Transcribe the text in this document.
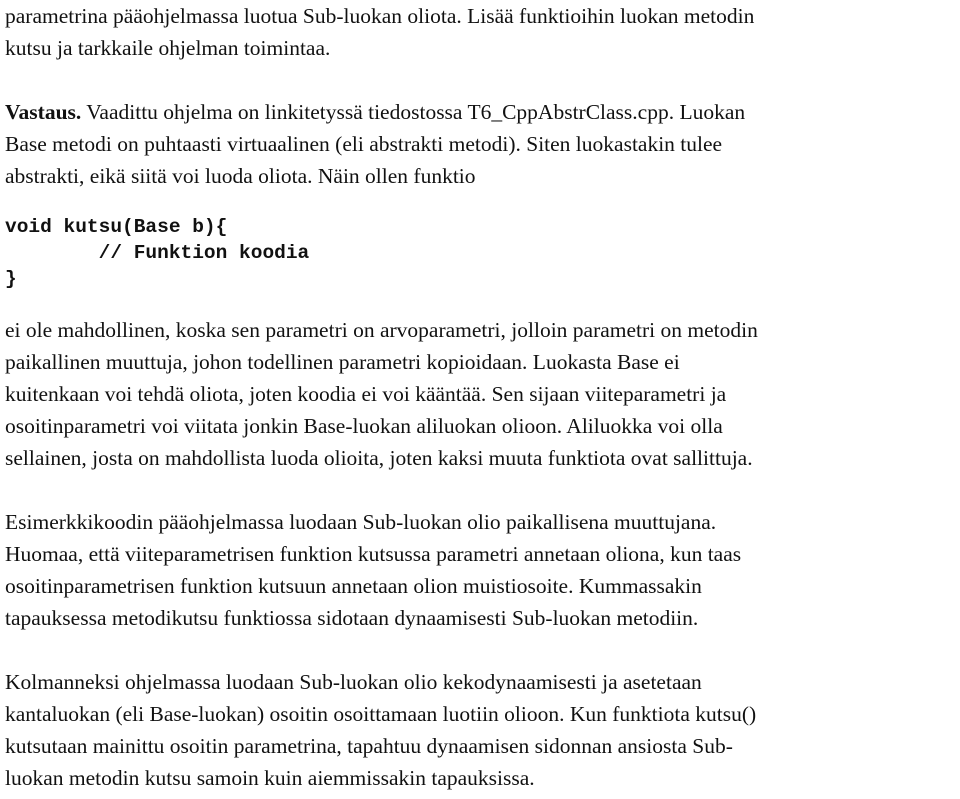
parametrina pääohjelmassa luotua Sub-luokan oliota. Lisää funktioihin luokan metodin
kutsu ja tarkkaile ohjelman toimintaa.

Vastaus. Vaadittu ohjelma on linkitetyssä tiedostossa T6_CppAbstrClass.cpp. Luokan
Base metodi on puhtaasti virtuaalinen (eli abstrakti metodi). Siten luokastakin tulee
abstrakti, eikä siitä voi luoda oliota. Näin ollen funktio

void kutsu(Base b){
// Funktion koodia
}

ei ole mahdollinen, koska sen parametri on arvoparametri, jolloin parametri on metodin
paikallinen muuttuja, johon todellinen parametri kopioidaan. Luokasta Base ei
kuitenkaan voi tehdä oliota, joten koodia ei voi kääntää. Sen sijaan viiteparametri ja
osoitinparametri voi viitata jonkin Base-luokan aliluokan olioon. Aliluokka voi olla
sellainen, josta on mahdollista luoda olioita, joten kaksi muuta funktiota ovat sallittuja.

Esimerkkikoodin pääohjelmassa luodaan Sub-luokan olio paikallisena muuttujana.
Huomaa, että viiteparametrisen funktion kutsussa parametri annetaan oliona, kun taas
osoitinparametrisen funktion kutsuun annetaan olion muistiosoite. Kummassakin
tapauksessa metodikutsu funktiossa sidotaan dynaamisesti Sub-luokan metodiin.

Kolmanneksi ohjelmassa luodaan Sub-luokan olio kekodynaamisesti ja asetetaan
kantaluokan (eli Base-luokan) osoitin osoittamaan luotiin olioon. Kun funktiota kutsu()
kutsutaan mainittu osoitin parametrina, tapahtuu dynaamisen sidonnan ansiosta Sub-
luokan metodin kutsu samoin kuin aiemmissakin tapauksissa.
